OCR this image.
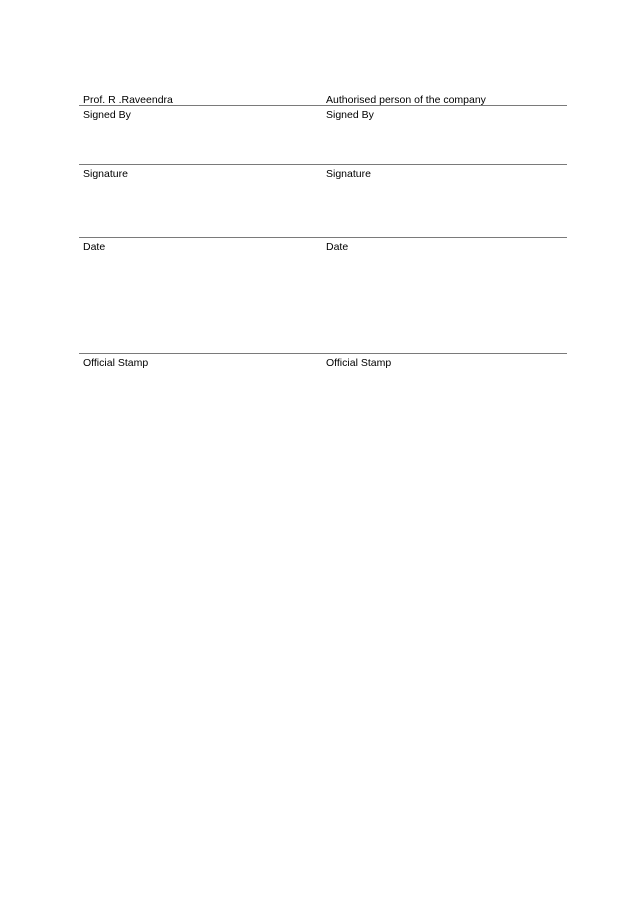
Prof. R .Raveendra	Authorised person of the company
Signed By	Signed By
Signature	Signature
Date	Date
Official Stamp	Official Stamp
